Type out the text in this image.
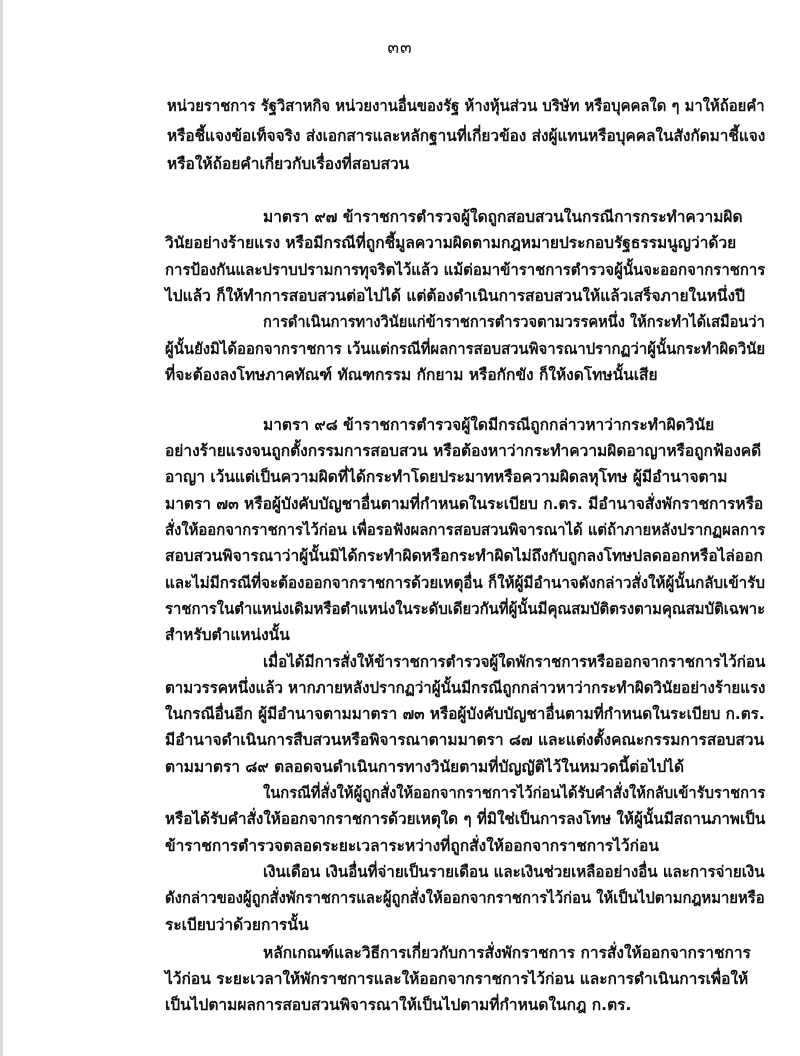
๓๓
หน่วยราชการ รัฐวิสาหกิจ หน่วยงานอื่นของรัฐ ห้างหุ้นส่วน บริษัท หรือบุคคลใด ๆ มาให้ถ้อยคำ
หรือชี้แจงข้อเท็จจริง ส่งเอกสารและหลักฐานที่เกี่ยวข้อง ส่งผู้แทนหรือบุคคลในสังกัดมาชี้แจง
หรือให้ถ้อยคำเกี่ยวกับเรื่องที่สอบสวน
มาตรา ๙๗ ข้าราชการตำรวจผู้ใดถูกสอบสวนในกรณีการกระทำความผิด
วินัยอย่างร้ายแรง หรือมีกรณีที่ถูกชี้มูลความผิดตามกฎหมายประกอบรัฐธรรมนูญว่าด้วย
การป้องกันและปราบปรามการทุจริตไว้แล้ว แม้ต่อมาข้าราชการตำรวจผู้นั้นจะออกจากราชการ
ไปแล้ว ก็ให้ทำการสอบสวนต่อไปได้ แต่ต้องดำเนินการสอบสวนให้แล้วเสร็จภายในหนึ่งปี
การดำเนินการทางวินัยแก่ข้าราชการตำรวจตามวรรคหนึ่ง ให้กระทำได้เสมือนว่า
ผู้นั้นยังมิได้ออกจากราชการ เว้นแต่กรณีที่ผลการสอบสวนพิจารณาปรากฏว่าผู้นั้นกระทำผิดวินัย
ที่จะต้องลงโทษภาคทัณฑ์ ทัณฑกรรม กักยาม หรือกักขัง ก็ให้งดโทษนั้นเสีย
มาตรา ๙๘ ข้าราชการตำรวจผู้ใดมีกรณีถูกกล่าวหาว่ากระทำผิดวินัย
อย่างร้ายแรงจนถูกตั้งกรรมการสอบสวน หรือต้องหาว่ากระทำความผิดอาญาหรือถูกฟ้องคดี
อาญา เว้นแต่เป็นความผิดที่ได้กระทำโดยประมาทหรือความผิดลหุโทษ ผู้มีอำนาจตาม
มาตรา ๗๓ หรือผู้บังคับบัญชาอื่นตามที่กำหนดในระเบียบ ก.ตร. มีอำนาจสั่งพักราชการหรือ
สั่งให้ออกจากราชการไว้ก่อน เพื่อรอฟังผลการสอบสวนพิจารณาได้ แต่ถ้าภายหลังปรากฏผลการ
สอบสวนพิจารณาว่าผู้นั้นมิได้กระทำผิดหรือกระทำผิดไม่ถึงกับถูกลงโทษปลดออกหรือไล่ออก
และไม่มีกรณีที่จะต้องออกจากราชการด้วยเหตุอื่น ก็ให้ผู้มีอำนาจดังกล่าวสั่งให้ผู้นั้นกลับเข้ารับ
ราชการในตำแหน่งเดิมหรือตำแหน่งในระดับเดียวกันที่ผู้นั้นมีคุณสมบัติตรงตามคุณสมบัติเฉพาะ
สำหรับตำแหน่งนั้น
เมื่อได้มีการสั่งให้ข้าราชการตำรวจผู้ใดพักราชการหรือออกจากราชการไว้ก่อน
ตามวรรคหนึ่งแล้ว หากภายหลังปรากฏว่าผู้นั้นมีกรณีถูกกล่าวหาว่ากระทำผิดวินัยอย่างร้ายแรง
ในกรณีอื่นอีก ผู้มีอำนาจตามมาตรา ๗๓ หรือผู้บังคับบัญชาอื่นตามที่กำหนดในระเบียบ ก.ตร.
มีอำนาจดำเนินการสืบสวนหรือพิจารณาตามมาตรา ๘๗ และแต่งตั้งคณะกรรมการสอบสวน
ตามมาตรา ๘๙ ตลอดจนดำเนินการทางวินัยตามที่บัญญัติไว้ในหมวดนี้ต่อไปได้
ในกรณีที่สั่งให้ผู้ถูกสั่งให้ออกจากราชการไว้ก่อนได้รับคำสั่งให้กลับเข้ารับราชการ
หรือได้รับคำสั่งให้ออกจากราชการด้วยเหตุใด ๆ ที่มิใช่เป็นการลงโทษ ให้ผู้นั้นมีสถานภาพเป็น
ข้าราชการตำรวจตลอดระยะเวลาระหว่างที่ถูกสั่งให้ออกจากราชการไว้ก่อน
เงินเดือน เงินอื่นที่จ่ายเป็นรายเดือน และเงินช่วยเหลืออย่างอื่น และการจ่ายเงิน
ดังกล่าวของผู้ถูกสั่งพักราชการและผู้ถูกสั่งให้ออกจากราชการไว้ก่อน ให้เป็นไปตามกฎหมายหรือ
ระเบียบว่าด้วยการนั้น
หลักเกณฑ์และวิธีการเกี่ยวกับการสั่งพักราชการ การสั่งให้ออกจากราชการ
ไว้ก่อน ระยะเวลาให้พักราชการและให้ออกจากราชการไว้ก่อน และการดำเนินการเพื่อให้
เป็นไปตามผลการสอบสวนพิจารณาให้เป็นไปตามที่กำหนดในกฎ ก.ตร.
